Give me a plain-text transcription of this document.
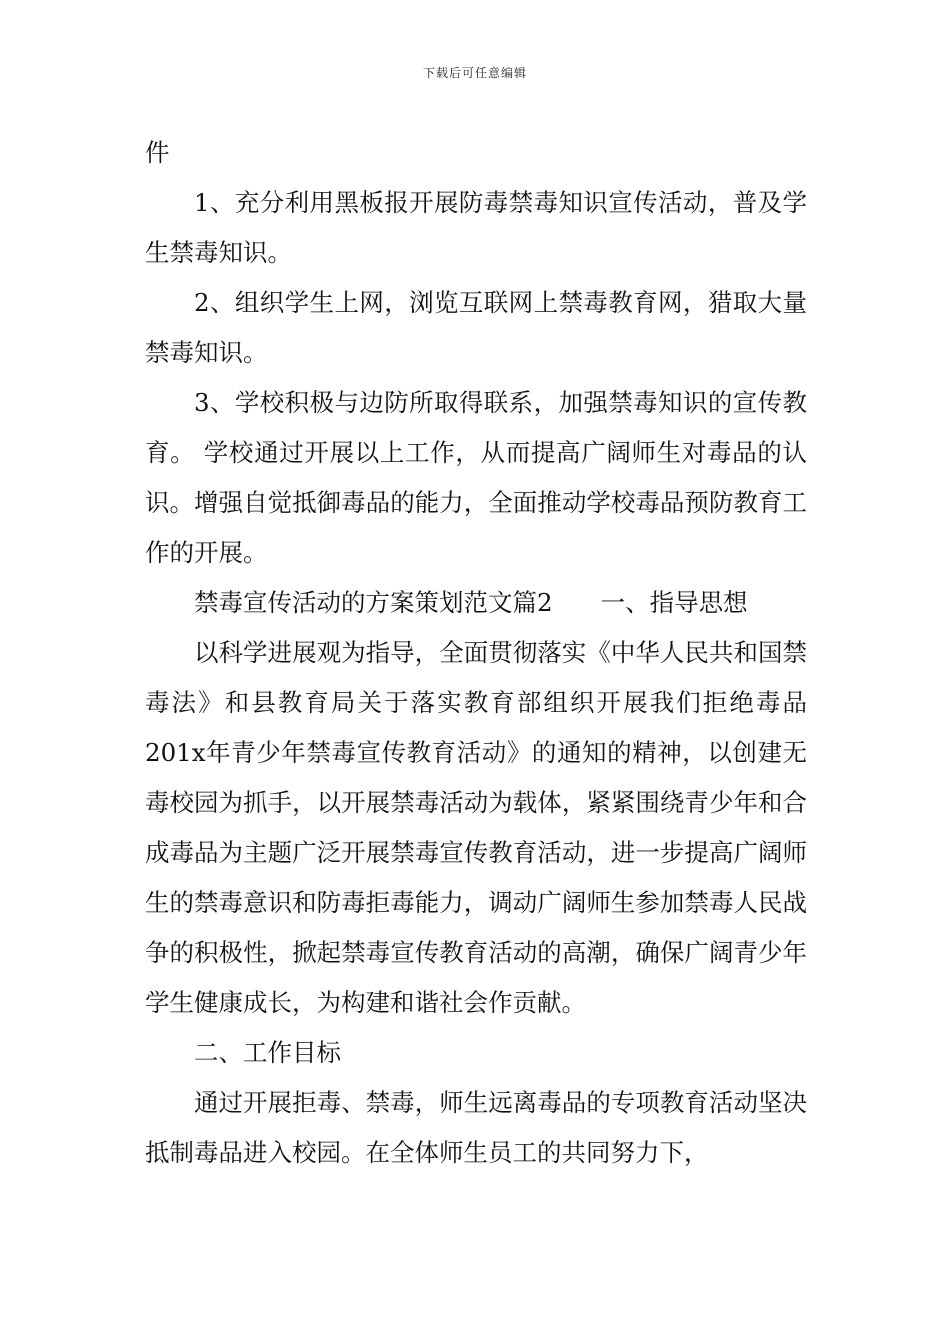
下载后可任意编辑

件

1、充分利用黑板报开展防毒禁毒知识宣传活动，普及学生禁毒知识。

2、组织学生上网，浏览互联网上禁毒教育网，猎取大量禁毒知识。

3、学校积极与边防所取得联系，加强禁毒知识的宣传教育。 学校通过开展以上工作，从而提高广阔师生对毒品的认识。增强自觉抵御毒品的能力，全面推动学校毒品预防教育工作的开展。

禁毒宣传活动的方案策划范文篇2 一、指导思想

以科学进展观为指导，全面贯彻落实《中华人民共和国禁毒法》和县教育局关于落实教育部组织开展我们拒绝毒品201x年青少年禁毒宣传教育活动》的通知的精神，以创建无毒校园为抓手，以开展禁毒活动为载体，紧紧围绕青少年和合成毒品为主题广泛开展禁毒宣传教育活动，进一步提高广阔师生的禁毒意识和防毒拒毒能力，调动广阔师生参加禁毒人民战争的积极性，掀起禁毒宣传教育活动的高潮，确保广阔青少年学生健康成长，为构建和谐社会作贡献。

二、工作目标

通过开展拒毒、禁毒，师生远离毒品的专项教育活动坚决抵制毒品进入校园。在全体师生员工的共同努力下，
